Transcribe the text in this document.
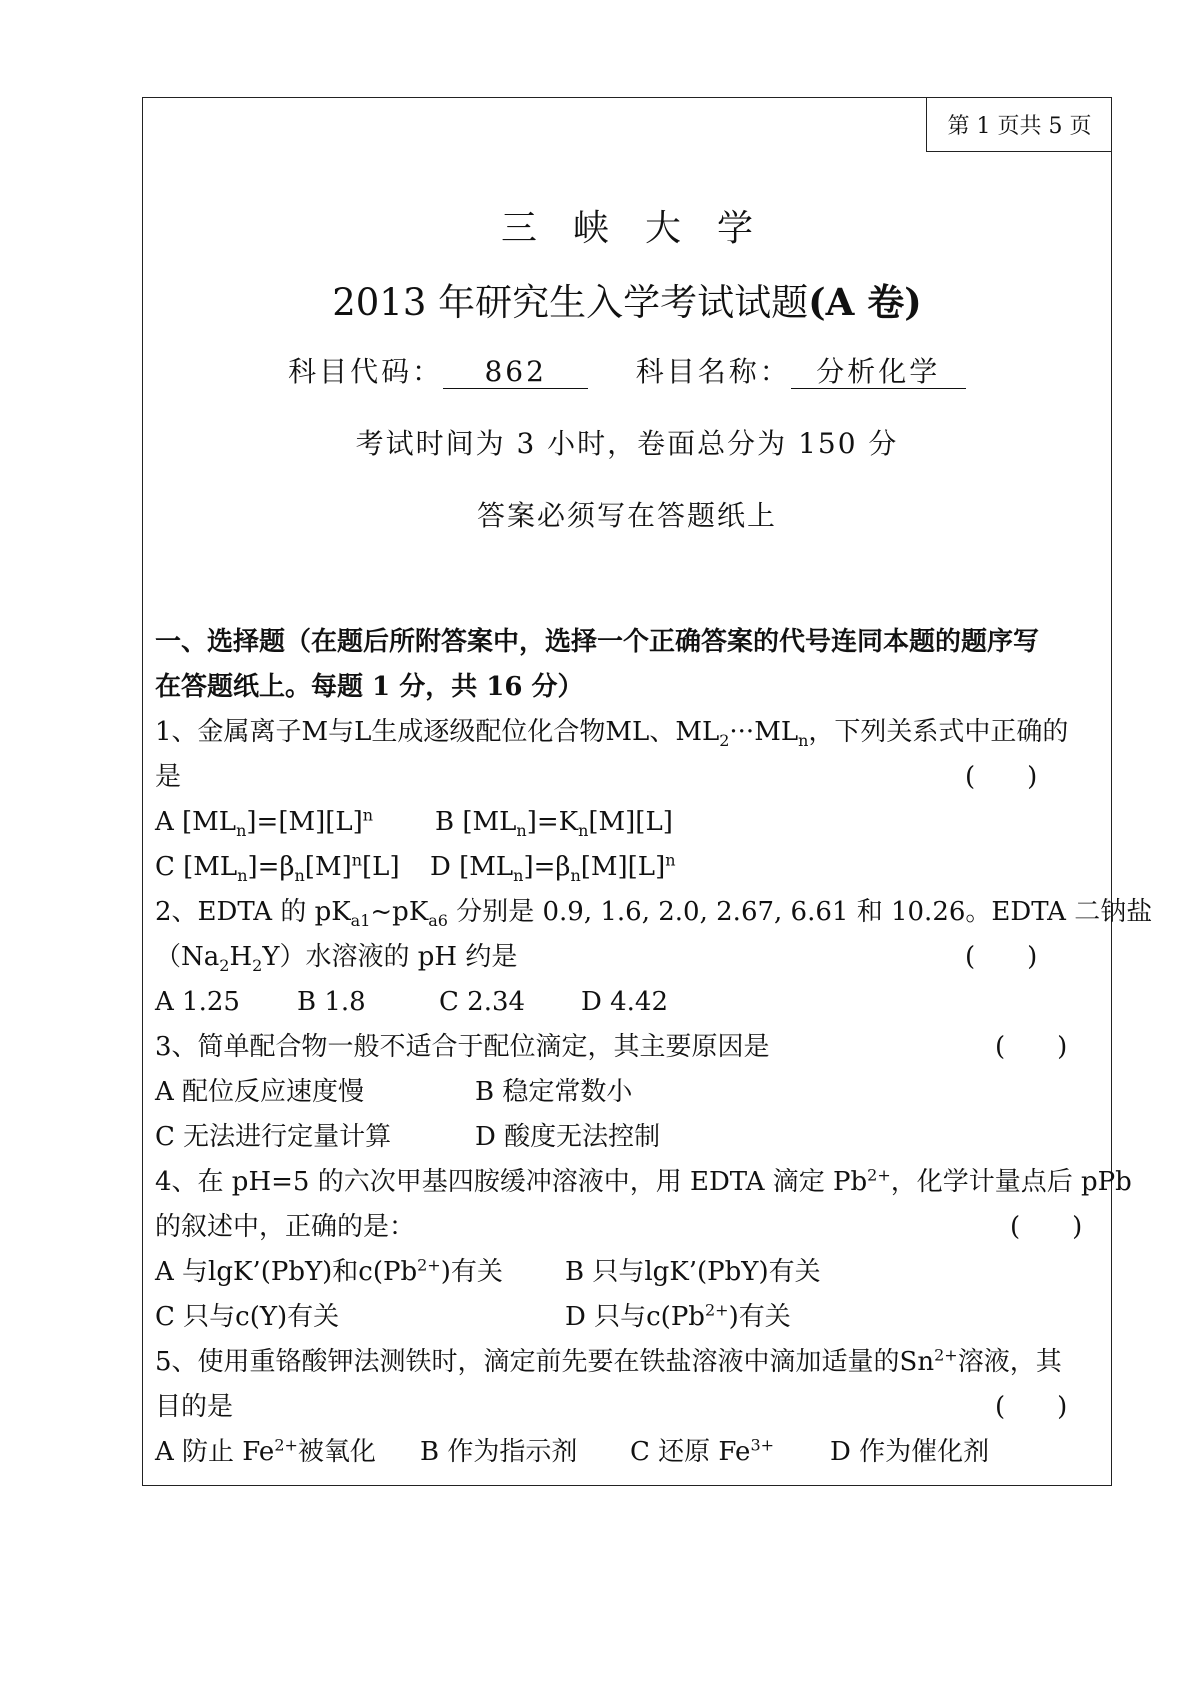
第 1 页共 5 页
三峡大学
2013 年研究生入学考试试题(A 卷)
科目代码： 862	科目名称： 分析化学
考试时间为 3 小时，卷面总分为 150 分
答案必须写在答题纸上
一、选择题（在题后所附答案中，选择一个正确答案的代号连同本题的题序写
在答题纸上。每题 1 分，共 16 分）
1、金属离子M与L生成逐级配位化合物ML、$ML_2\cdot\cdot\cdot ML_n$，下列关系式中正确的
是	(　　)
A $[ML_n]=[M][L]^n$ B $[ML_n]=K_n[M][L]$
C $[ML_n]=\beta_n[M]^n[L]$ D $[ML_n]=\beta_n[M][L]^n$
2、EDTA 的 $pK_{a1}\sim pK_{a6}$ 分别是 0.9, 1.6, 2.0, 2.67, 6.61 和 10.26。EDTA 二钠盐
$(Na_2H_2Y)$水溶液的 pH 约是	(　　)
A 1.25 B 1.8	C 2.34 D 4.42
3、简单配合物一般不适合于配位滴定，其主要原因是	(　　)
A 配位反应速度慢	B 稳定常数小
C 无法进行定量计算	D 酸度无法控制
4、在 pH=5 的六次甲基四胺缓冲溶液中，用 EDTA 滴定 $Pb^{2+}$，化学计量点后 pPb
的叙述中，正确的是：	(　　)
A 与lgK’(PbY)和$c(Pb^{2+})$有关 B 只与lgK’(PbY)有关
C 只与c(Y)有关	D 只与$c(Pb^{2+})$有关
5、使用重铬酸钾法测铁时，滴定前先要在铁盐溶液中滴加适量的$Sn^{2+}$溶液，其
目的是	(　　)
A 防止 $Fe^{2+}$被氧化 B 作为指示剂 C 还原 $Fe^{3+}$ D 作为催化剂
